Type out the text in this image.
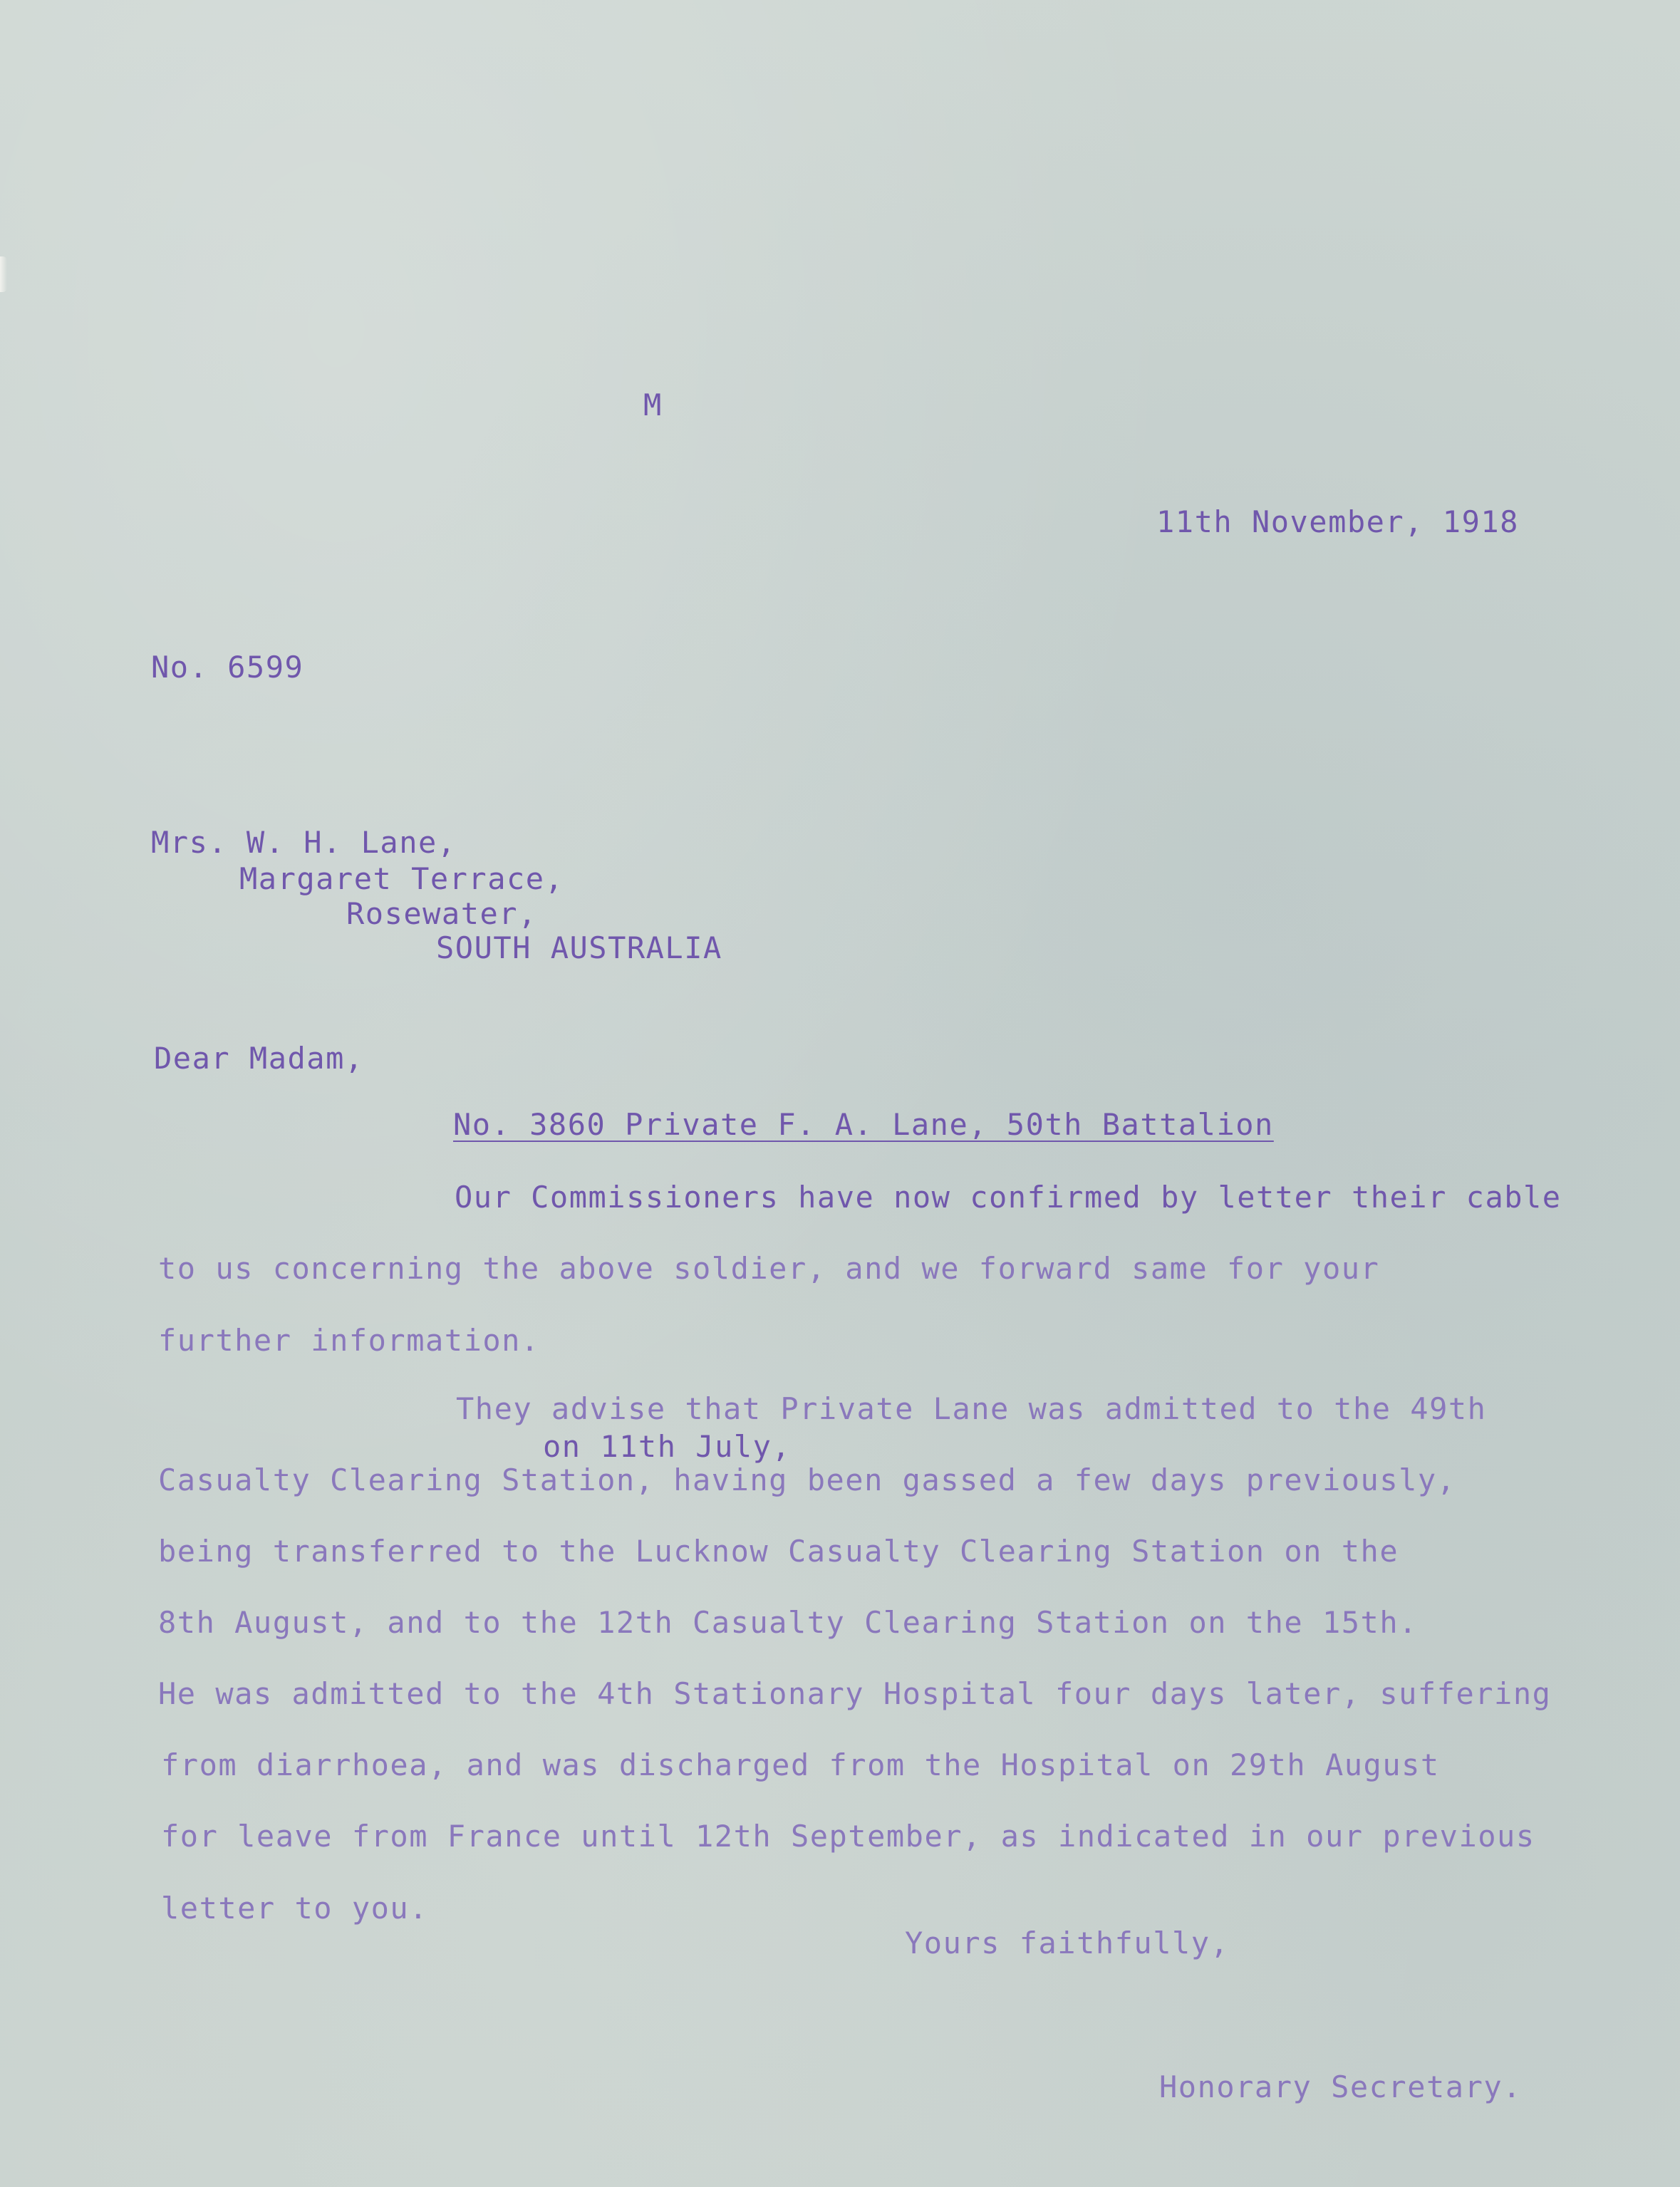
M
11th November, 1918
No. 6599
Mrs. W. H. Lane,
Margaret Terrace,
Rosewater,
SOUTH AUSTRALIA
Dear Madam,
No. 3860 Private F. A. Lane, 50th Battalion
Our Commissioners have now confirmed by letter their cable
to us concerning the above soldier, and we forward same for your
further information.
They advise that Private Lane was admitted to the 49th
on 11th July,
Casualty Clearing Station, having been gassed a few days previously,
being transferred to the Lucknow Casualty Clearing Station on the
8th August, and to the 12th Casualty Clearing Station on the 15th.
He was admitted to the 4th Stationary Hospital four days later, suffering
from diarrhoea, and was discharged from the Hospital on 29th August
for leave from France until 12th September, as indicated in our previous
letter to you.
Yours faithfully,
Honorary Secretary.
